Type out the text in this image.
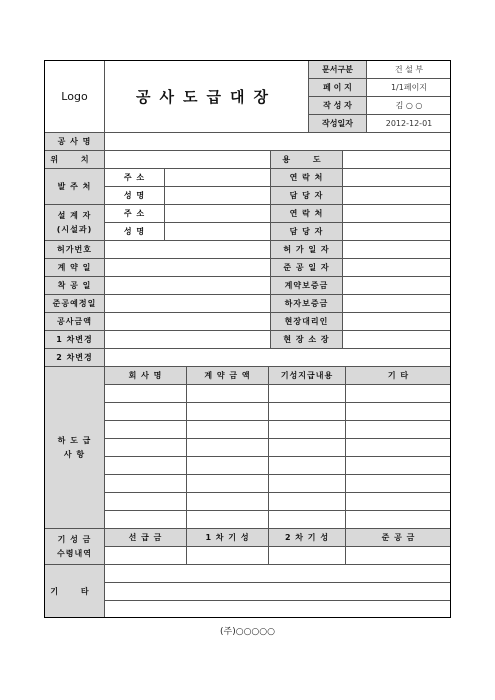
Logo	공사도급대장
문서구분	건 설 부
페 이 지	1/1페이지
작 성 자	김 ○ ○
작성일자	2012-12-01
공 사 명
위 치	용 도
발 주 처
주 소	연 락 처
성 명	담 당 자
설 계 자
(시설과)
주 소	연 락 처
성 명	담 당 자
허가번호	허 가 일 자
계 약 일	준 공 일 자
착 공 일	계약보증금
준공예정일	하자보증금
공사금액	현장대리인
1 차변경	현 장 소 장
2 차변경
하 도 급
사 항
회 사 명	계 약 금 액	기성지급내용	기 타
기 성 금
수령내역
선 급 금	1 차 기 성	2 차 기 성	준 공 금
기 타
(주)○○○○○
